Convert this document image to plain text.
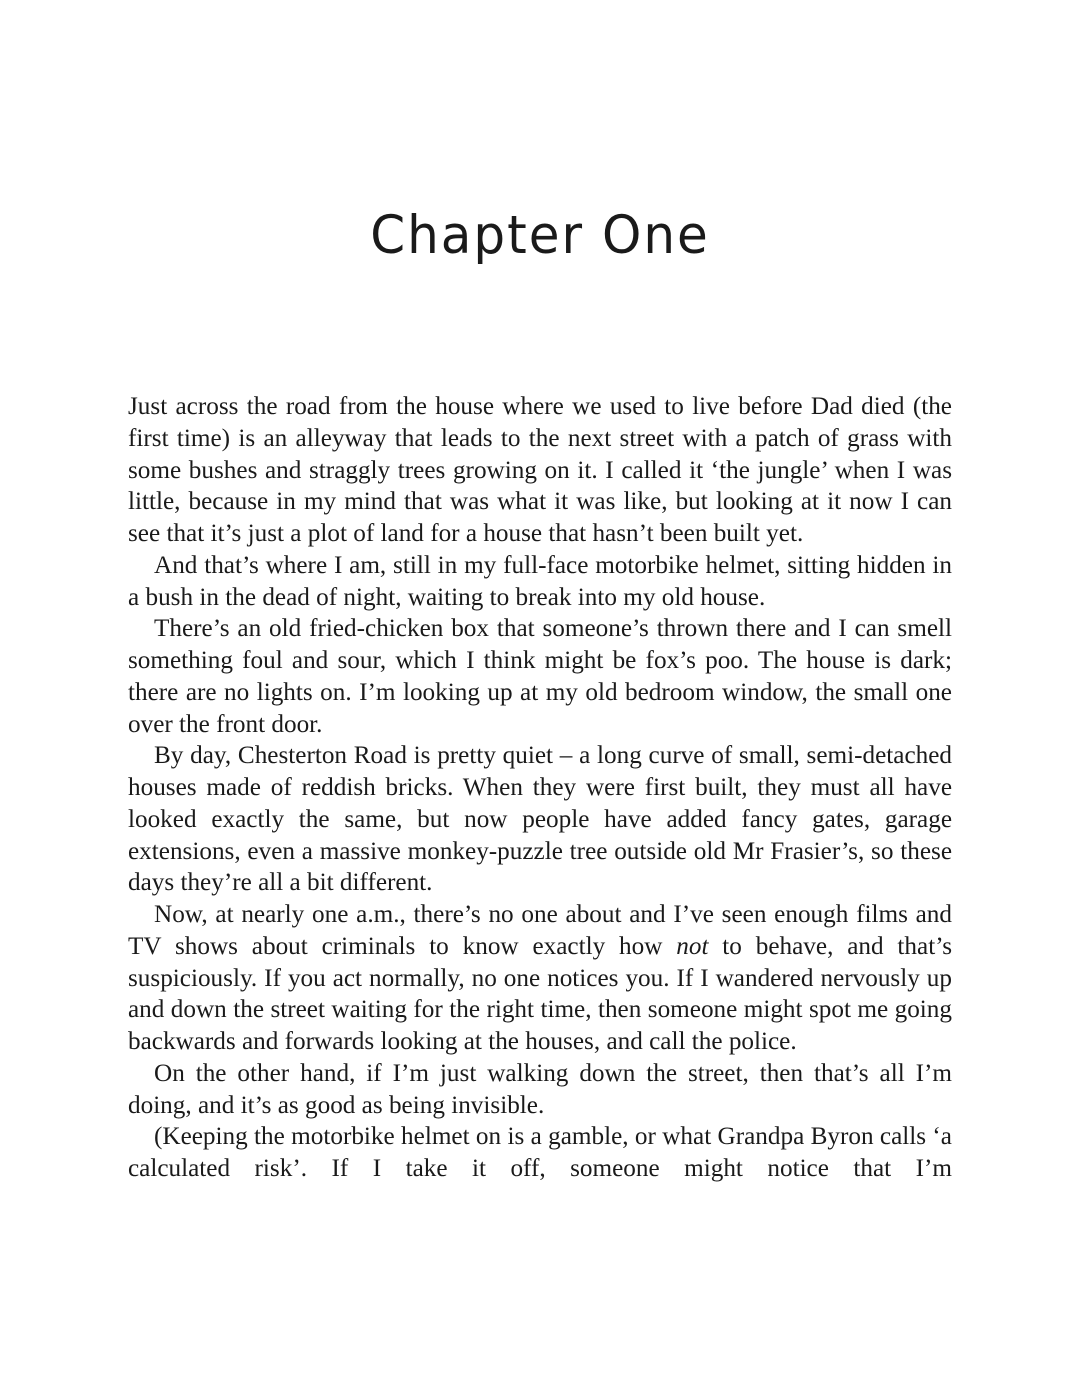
Chapter One

Just across the road from the house where we used to live before Dad died (the first time) is an alleyway that leads to the next street with a patch of grass with some bushes and straggly trees growing on it. I called it ‘the jungle’ when I was little, because in my mind that was what it was like, but looking at it now I can see that it’s just a plot of land for a house that hasn’t been built yet.

And that’s where I am, still in my full-face motorbike helmet, sitting hidden in a bush in the dead of night, waiting to break into my old house.

There’s an old fried-chicken box that someone’s thrown there and I can smell something foul and sour, which I think might be fox’s poo. The house is dark; there are no lights on. I’m looking up at my old bedroom window, the small one over the front door.

By day, Chesterton Road is pretty quiet – a long curve of small, semi-detached houses made of reddish bricks. When they were first built, they must all have looked exactly the same, but now people have added fancy gates, garage extensions, even a massive monkey-puzzle tree outside old Mr Frasier’s, so these days they’re all a bit different.

Now, at nearly one a.m., there’s no one about and I’ve seen enough films and TV shows about criminals to know exactly how not to behave, and that’s suspiciously. If you act normally, no one notices you. If I wandered nervously up and down the street waiting for the right time, then someone might spot me going backwards and forwards looking at the houses, and call the police.

On the other hand, if I’m just walking down the street, then that’s all I’m doing, and it’s as good as being invisible.

(Keeping the motorbike helmet on is a gamble, or what Grandpa Byron calls ‘a calculated risk’. If I take it off, someone might notice that I’m
